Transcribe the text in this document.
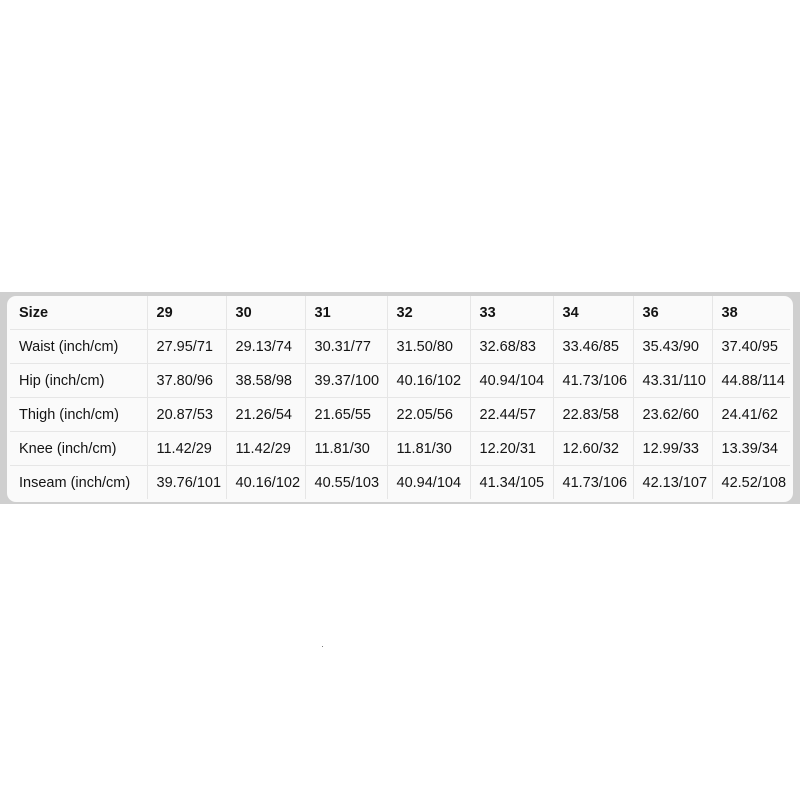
Size	29	30	31	32	33	34	36	38
Waist (inch/cm)	27.95/71	29.13/74	30.31/77	31.50/80	32.68/83	33.46/85	35.43/90	37.40/95
Hip (inch/cm)	37.80/96	38.58/98	39.37/100	40.16/102	40.94/104	41.73/106	43.31/110	44.88/114
Thigh (inch/cm)	20.87/53	21.26/54	21.65/55	22.05/56	22.44/57	22.83/58	23.62/60	24.41/62
Knee (inch/cm)	11.42/29	11.42/29	11.81/30	11.81/30	12.20/31	12.60/32	12.99/33	13.39/34
Inseam (inch/cm)	39.76/101	40.16/102	40.55/103	40.94/104	41.34/105	41.73/106	42.13/107	42.52/108
